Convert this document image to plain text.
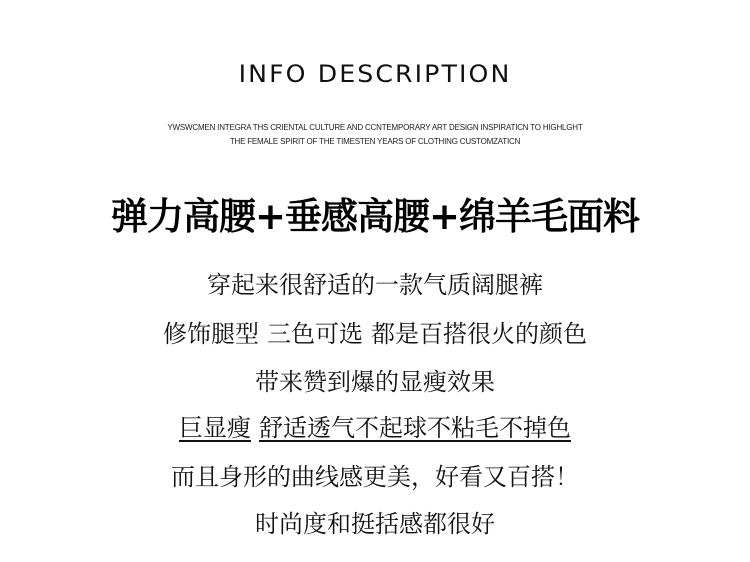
INFO DESCRIPTION
YWSWCMEN INTEGRA THS CRIENTAL CULTURE AND CCNTEMPORARY ART DESIGN INSPIRATICN TO HIGHLGHT
THE FEMALE SPIRIT OF THE TIMESTEN YEARS OF CLOTHING CUSTOMZATICN
弹力高腰+垂感高腰+绵羊毛面料
穿起来很舒适的一款气质阔腿裤
修饰腿型 三色可选 都是百搭很火的颜色
带来赞到爆的显瘦效果
巨显瘦 舒适透气不起球不粘毛不掉色
而且身形的曲线感更美，好看又百搭！
时尚度和挺括感都很好
